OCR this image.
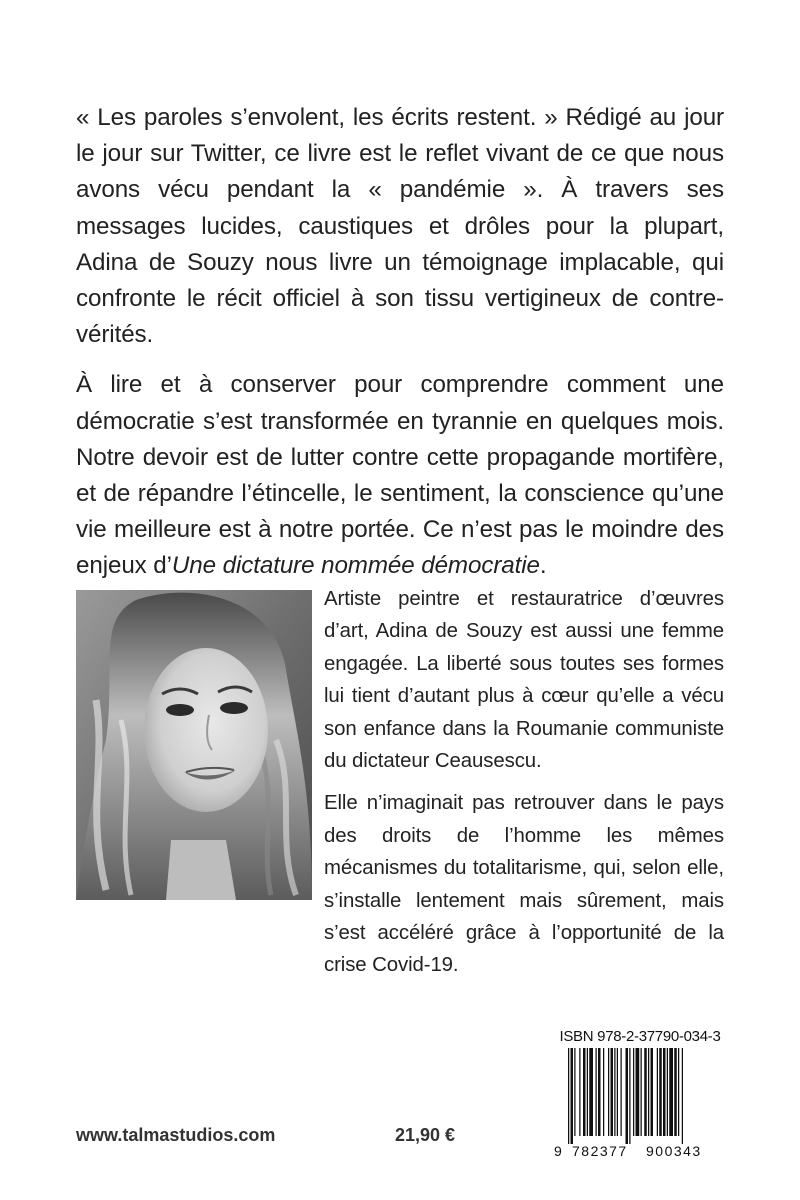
« Les paroles s’envolent, les écrits restent. » Rédigé au jour le jour sur Twitter, ce livre est le reflet vivant de ce que nous avons vécu pendant la « pandémie ». À travers ses messages lucides, caustiques et drôles pour la plupart, Adina de Souzy nous livre un témoignage implacable, qui confronte le récit officiel à son tissu vertigineux de contre-vérités.

À lire et à conserver pour comprendre comment une démocratie s’est transformée en tyrannie en quelques mois. Notre devoir est de lutter contre cette propagande mortifère, et de répandre l’étincelle, le sentiment, la conscience qu’une vie meilleure est à notre portée. Ce n’est pas le moindre des enjeux d’Une dictature nommée démocratie.

Artiste peintre et restauratrice d’œuvres d’art, Adina de Souzy est aussi une femme engagée. La liberté sous toutes ses formes lui tient d’autant plus à cœur qu’elle a vécu son enfance dans la Roumanie communiste du dictateur Ceausescu.

Elle n’imaginait pas retrouver dans le pays des droits de l’homme les mêmes mécanismes du totalitarisme, qui, selon elle, s’installe lentement mais sûrement, mais s’est accéléré grâce à l’opportunité de la crise Covid-19.

ISBN 978-2-37790-034-3
9 782377 900343
www.talmastudios.com	21,90 €
